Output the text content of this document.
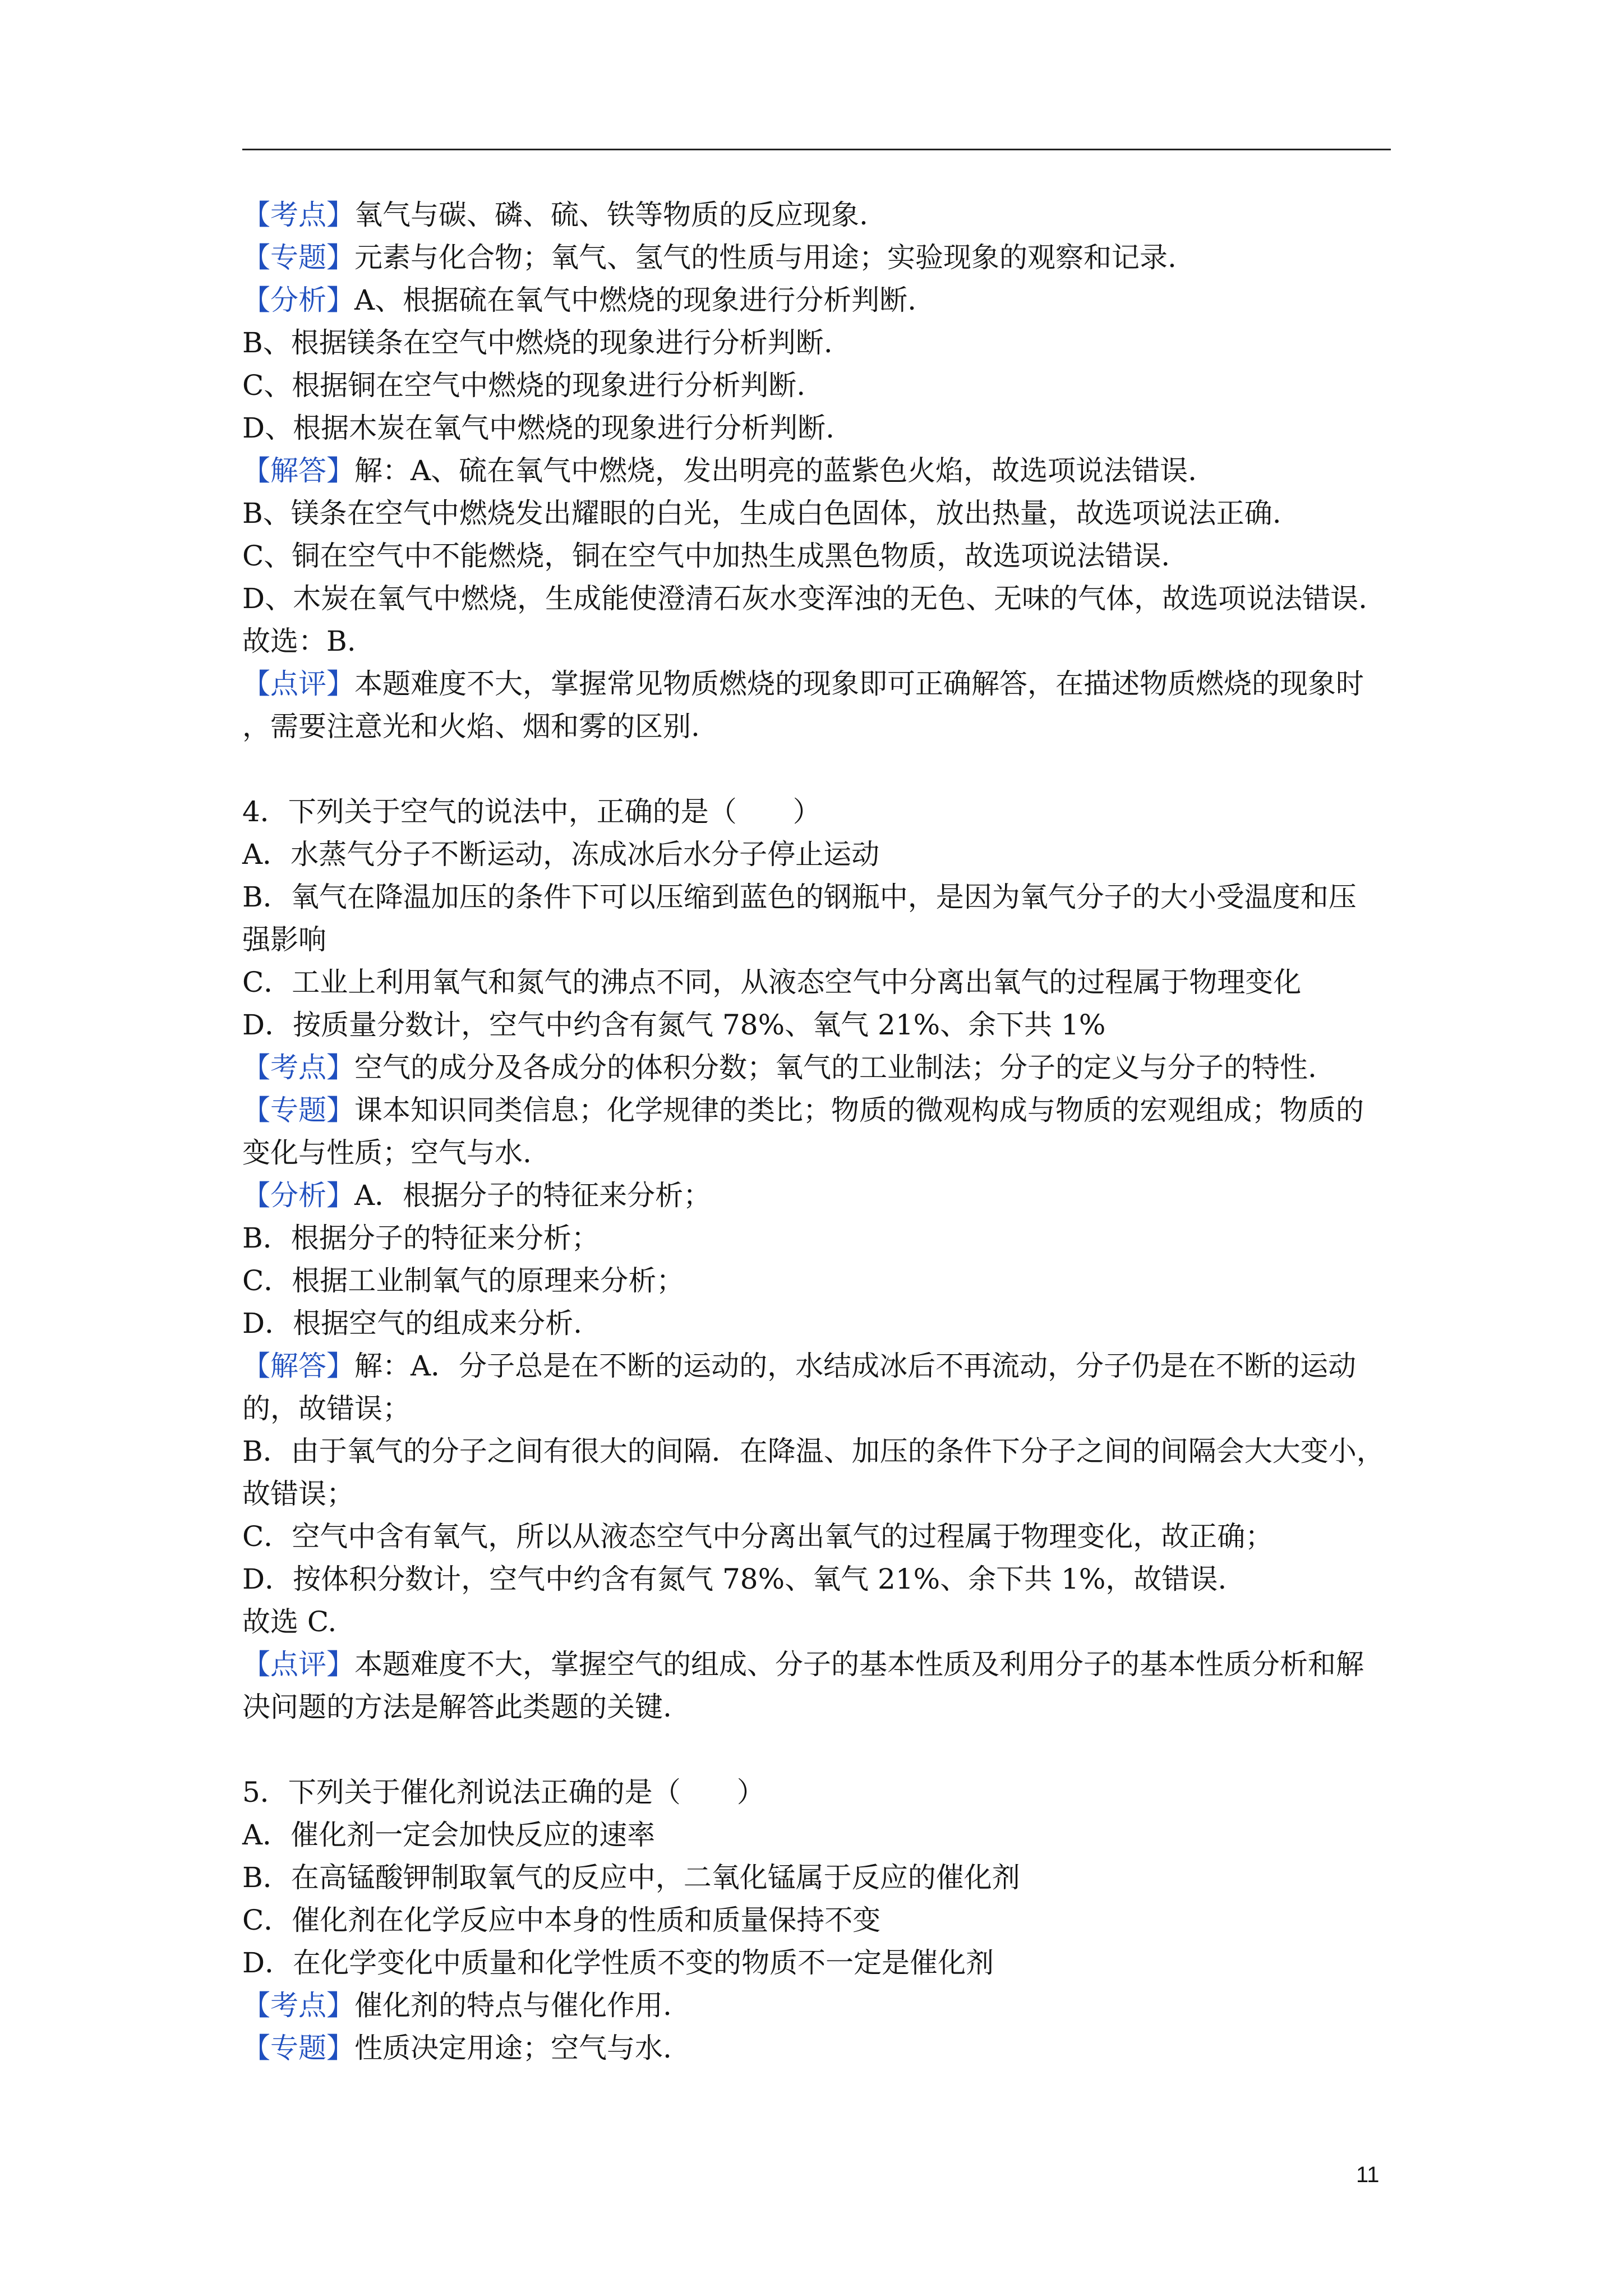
【考点】氧气与碳、磷、硫、铁等物质的反应现象.
【专题】元素与化合物；氧气、氢气的性质与用途；实验现象的观察和记录.
【分析】A、根据硫在氧气中燃烧的现象进行分析判断.
B、根据镁条在空气中燃烧的现象进行分析判断.
C、根据铜在空气中燃烧的现象进行分析判断.
D、根据木炭在氧气中燃烧的现象进行分析判断.
【解答】解：A、硫在氧气中燃烧，发出明亮的蓝紫色火焰，故选项说法错误.
B、镁条在空气中燃烧发出耀眼的白光，生成白色固体，放出热量，故选项说法正确.
C、铜在空气中不能燃烧，铜在空气中加热生成黑色物质，故选项说法错误.
D、木炭在氧气中燃烧，生成能使澄清石灰水变浑浊的无色、无味的气体，故选项说法错误.
故选：B.
【点评】本题难度不大，掌握常见物质燃烧的现象即可正确解答，在描述物质燃烧的现象时
，需要注意光和火焰、烟和雾的区别.
4．下列关于空气的说法中，正确的是（　　）
A．水蒸气分子不断运动，冻成冰后水分子停止运动
B．氧气在降温加压的条件下可以压缩到蓝色的钢瓶中，是因为氧气分子的大小受温度和压
强影响
C．工业上利用氧气和氮气的沸点不同，从液态空气中分离出氧气的过程属于物理变化
D．按质量分数计，空气中约含有氮气 78%、氧气 21%、余下共 1%
【考点】空气的成分及各成分的体积分数；氧气的工业制法；分子的定义与分子的特性.
【专题】课本知识同类信息；化学规律的类比；物质的微观构成与物质的宏观组成；物质的
变化与性质；空气与水.
【分析】A．根据分子的特征来分析；
B．根据分子的特征来分析；
C．根据工业制氧气的原理来分析；
D．根据空气的组成来分析.
【解答】解：A．分子总是在不断的运动的，水结成冰后不再流动，分子仍是在不断的运动
的，故错误；
B．由于氧气的分子之间有很大的间隔．在降温、加压的条件下分子之间的间隔会大大变小，
故错误；
C．空气中含有氧气，所以从液态空气中分离出氧气的过程属于物理变化，故正确；
D．按体积分数计，空气中约含有氮气 78%、氧气 21%、余下共 1%，故错误.
故选 C.
【点评】本题难度不大，掌握空气的组成、分子的基本性质及利用分子的基本性质分析和解
决问题的方法是解答此类题的关键.
5．下列关于催化剂说法正确的是（　　）
A．催化剂一定会加快反应的速率
B．在高锰酸钾制取氧气的反应中，二氧化锰属于反应的催化剂
C．催化剂在化学反应中本身的性质和质量保持不变
D．在化学变化中质量和化学性质不变的物质不一定是催化剂
【考点】催化剂的特点与催化作用.
【专题】性质决定用途；空气与水.
11
